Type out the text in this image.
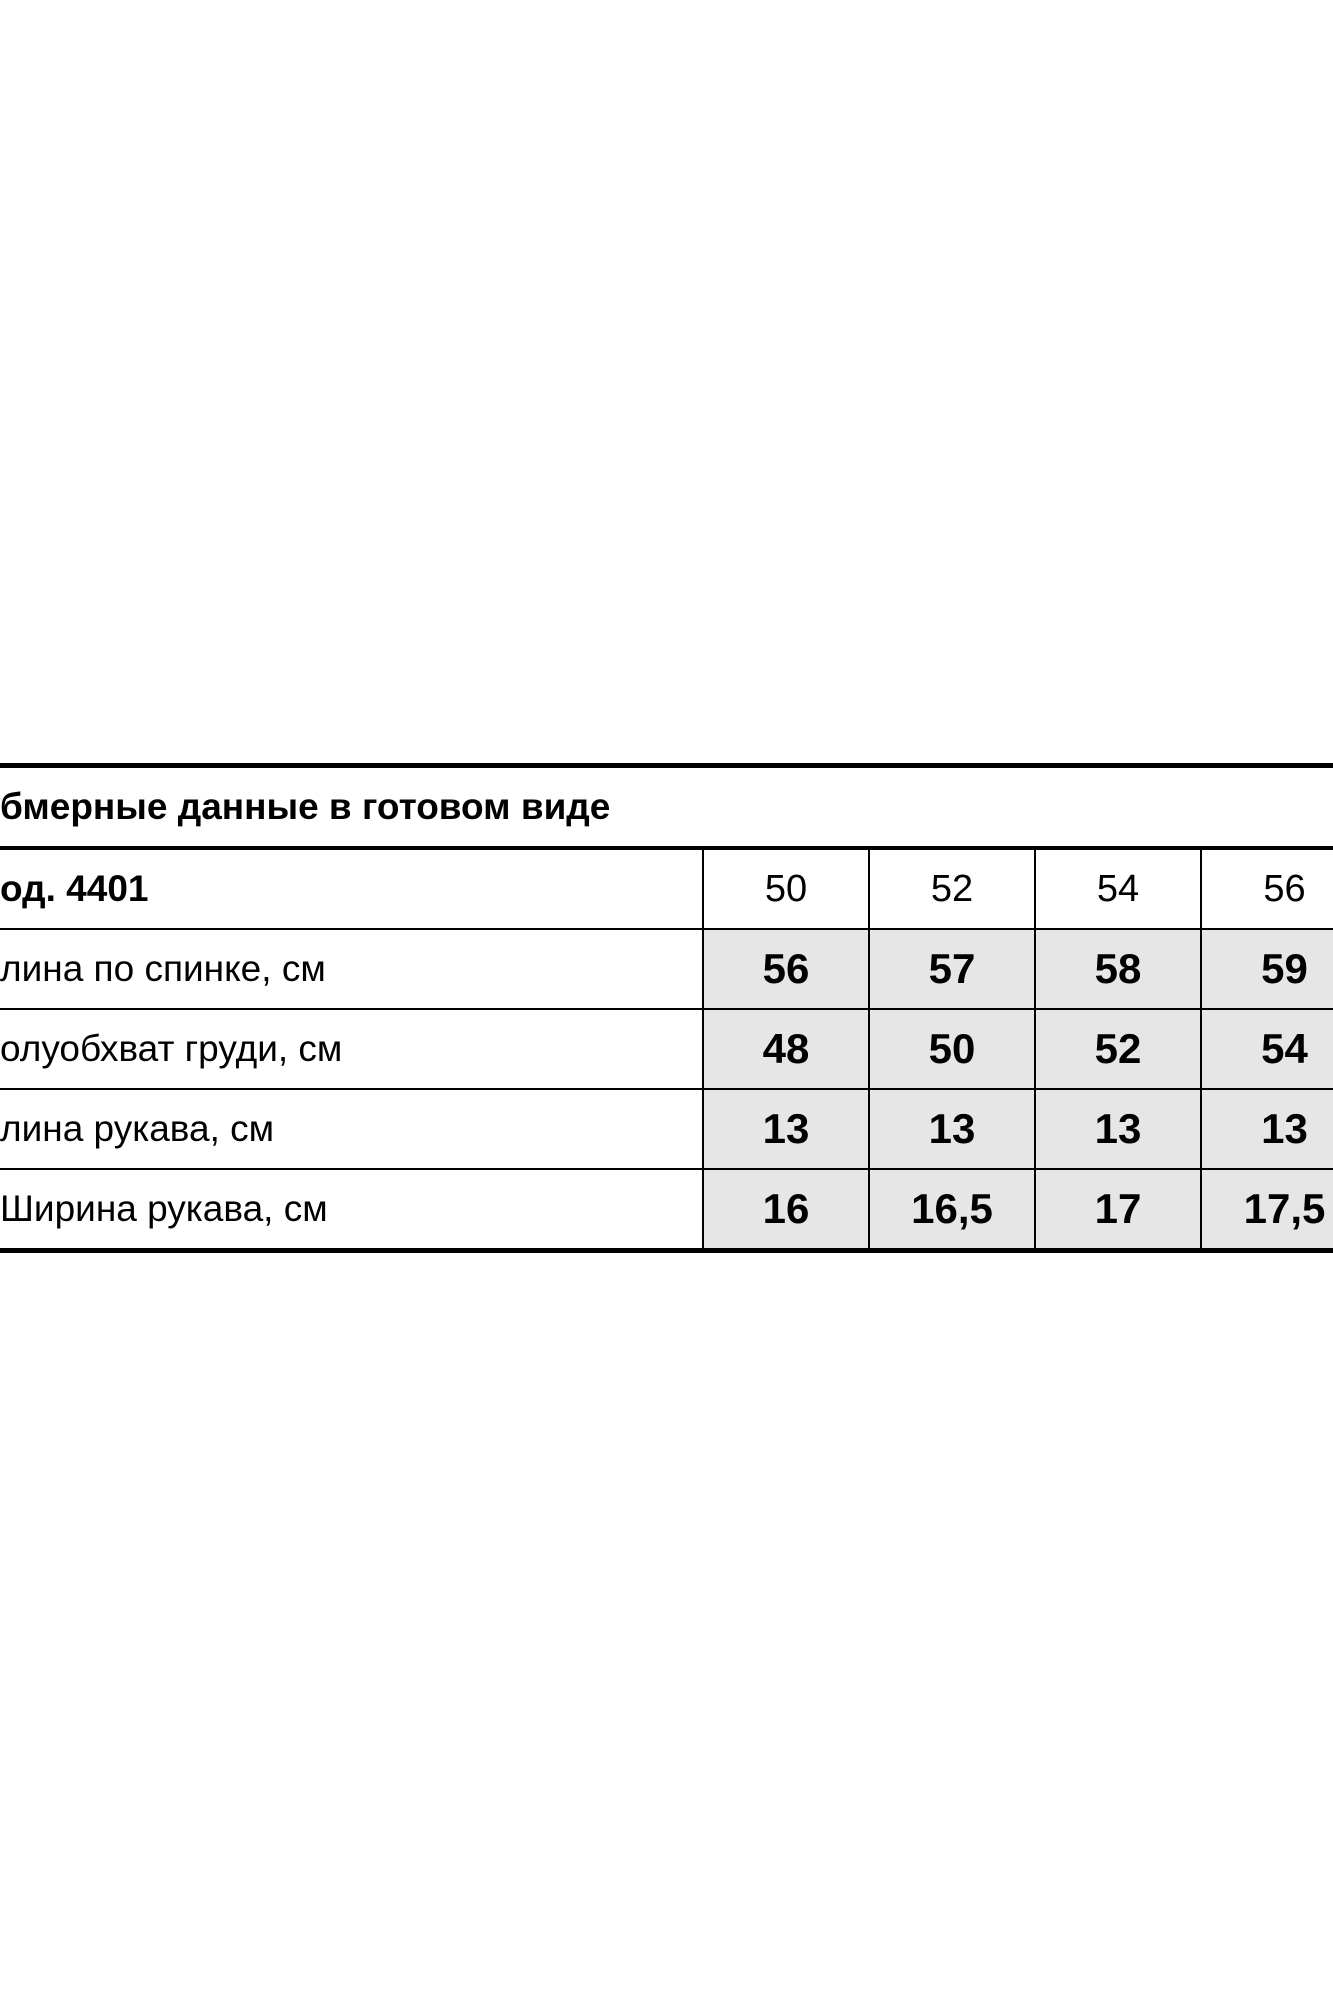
бмерные данные в готовом виде				
од. 4401	50	52	54	56
лина по спинке, см	56	57	58	59
олуобхват груди, см	48	50	52	54
лина рукава, см	13	13	13	13
Ширина рукава, см	16	16,5	17	17,5
